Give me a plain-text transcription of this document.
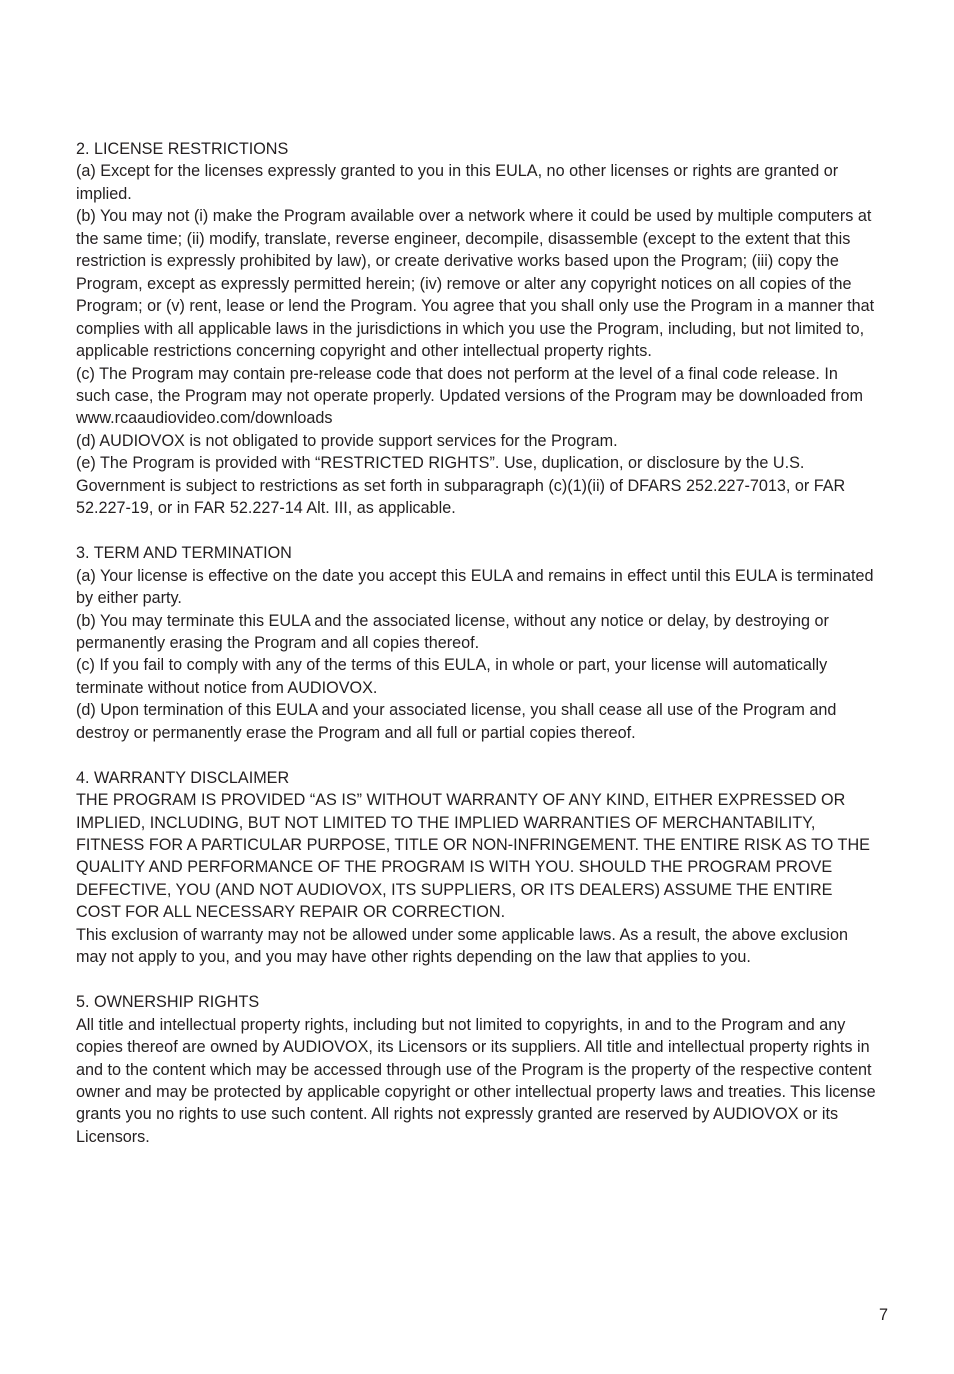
2. LICENSE RESTRICTIONS

(a) Except for the licenses expressly granted to you in this EULA, no other licenses or rights are granted or implied.

(b) You may not (i) make the Program available over a network where it could be used by multiple computers at the same time; (ii) modify, translate, reverse engineer, decompile, disassemble (except to the extent that this restriction is expressly prohibited by law), or create derivative works based upon the Program; (iii) copy the Program, except as expressly permitted herein; (iv) remove or alter any copyright notices on all copies of the Program; or (v) rent, lease or lend the Program. You agree that you shall only use the Program in a manner that complies with all applicable laws in the jurisdictions in which you use the Program, including, but not limited to, applicable restrictions concerning copyright and other intellectual property rights.

(c) The Program may contain pre-release code that does not perform at the level of a final code release. In such case, the Program may not operate properly. Updated versions of the Program may be downloaded from www.rcaaudiovideo.com/downloads

(d) AUDIOVOX is not obligated to provide support services for the Program.

(e) The Program is provided with “RESTRICTED RIGHTS”. Use, duplication, or disclosure by the U.S. Government is subject to restrictions as set forth in subparagraph (c)(1)(ii) of DFARS 252.227-7013, or FAR 52.227-19, or in FAR 52.227-14 Alt. III, as applicable.

3. TERM AND TERMINATION

(a) Your license is effective on the date you accept this EULA and remains in effect until this EULA is terminated by either party.

(b) You may terminate this EULA and the associated license, without any notice or delay, by destroying or permanently erasing the Program and all copies thereof.

(c) If you fail to comply with any of the terms of this EULA, in whole or part, your license will automatically terminate without notice from AUDIOVOX.

(d) Upon termination of this EULA and your associated license, you shall cease all use of the Program and destroy or permanently erase the Program and all full or partial copies thereof.

4. WARRANTY DISCLAIMER

THE PROGRAM IS PROVIDED “AS IS” WITHOUT WARRANTY OF ANY KIND, EITHER EXPRESSED OR IMPLIED, INCLUDING, BUT NOT LIMITED TO THE IMPLIED WARRANTIES OF MERCHANTABILITY, FITNESS FOR A PARTICULAR PURPOSE, TITLE OR NON-INFRINGEMENT. THE ENTIRE RISK AS TO THE QUALITY AND PERFORMANCE OF THE PROGRAM IS WITH YOU. SHOULD THE PROGRAM PROVE DEFECTIVE, YOU (AND NOT AUDIOVOX, ITS SUPPLIERS, OR ITS DEALERS) ASSUME THE ENTIRE COST FOR ALL NECESSARY REPAIR OR CORRECTION.

This exclusion of warranty may not be allowed under some applicable laws. As a result, the above exclusion may not apply to you, and you may have other rights depending on the law that applies to you.

5. OWNERSHIP RIGHTS

All title and intellectual property rights, including but not limited to copyrights, in and to the Program and any copies thereof are owned by AUDIOVOX, its Licensors or its suppliers. All title and intellectual property rights in and to the content which may be accessed through use of the Program is the property of the respective content owner and may be protected by applicable copyright or other intellectual property laws and treaties. This license grants you no rights to use such content. All rights not expressly granted are reserved by AUDIOVOX or its Licensors.

7
